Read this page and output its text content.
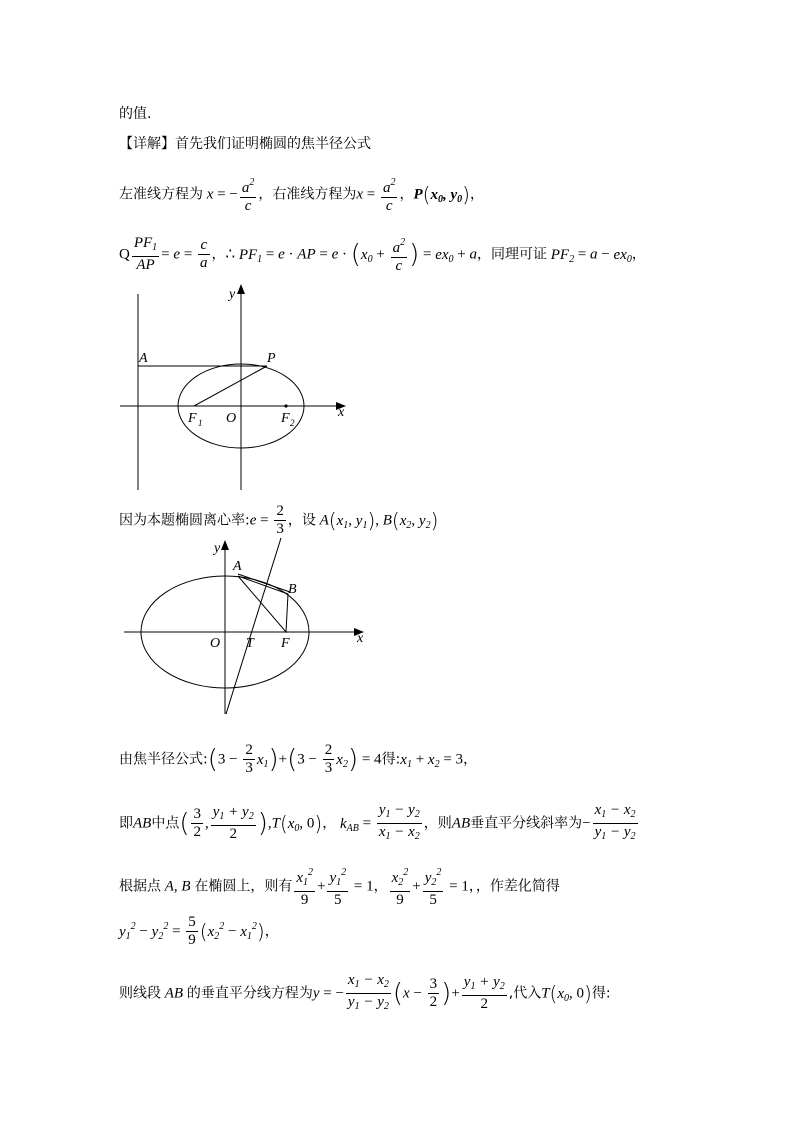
的值.
【详解】首先我们证明椭圆的焦半径公式
左准线方程为 x = − $\frac{a^2}{c}$ ，右准线方程为$x = \frac{a^2}{c}$ ，$P(x_0$, $y_0$)，
Q $\frac{PF_1}{AP} = e = \frac{c}{a}$ ，∴ $PF_1 = e$ · AP = $e \cdot (x_0 + \frac{a^2}{c}$ ) = $ex_0 + a$，同理可证 $PF_2 = a - ex_0$，
y
x
A	P
O
F 1	F 2
因为本题椭圆离心率:e = $\frac{2}{3}$ ，设 $A(x_1$, $y_1$), $B(x_2$, $y_2$)
y
x
A
B
O T F
由焦半径公式:(3 − $\frac{2}{3} x_1)+(3 - \frac{2}{3} x_2) = 4$得$:x_1 + x_2 = 3$，
即AB中点( $\frac{3}{2}$ , $\frac{y_1 + y_2}{2} ),T(x_0$, 0)， $k_{AB} = \frac{y_1 - y_2}{x_1 - x_2}$ ，则AB垂直平分线斜率为− $\frac{x_1 - x_2}{y_1 - y_2}$
根据点 A, B 在椭圆上，则有 $\frac{x_1^2}{9} + \frac{y_1^2}{5} = 1$， $\frac{x_2^2}{9} + \frac{y_2^2}{5} = 1$，，作差化简得
$y_1^2 - y_2^2 = \frac{5}{9} (x_2^2 - x_1^2)$，
则线段 AB 的垂直平分线方程为y = − $\frac{x_1 - x_2}{y_1 - y_2} (x - \frac{3}{2}$ )+ $\frac{y_1 + y_2}{2}$ ,代入$T(x_0$, 0)得:
